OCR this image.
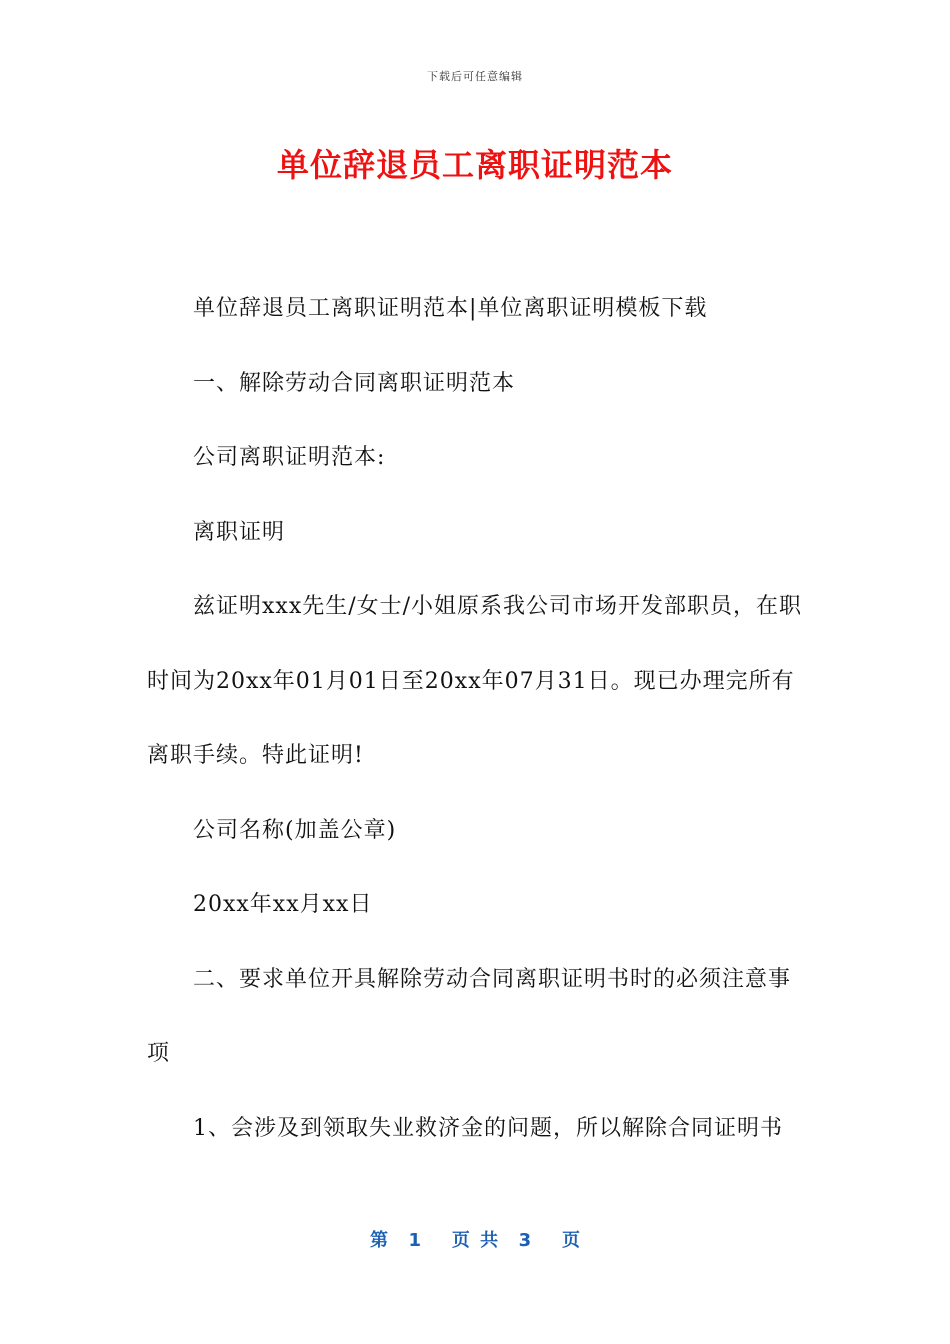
下载后可任意编辑
单位辞退员工离职证明范本

单位辞退员工离职证明范本|单位离职证明模板下载

一、解除劳动合同离职证明范本

公司离职证明范本:

离职证明

兹证明xxx先生/女士/小姐原系我公司市场开发部职员，在职时间为20xx年01月01日至20xx年07月31日。现已办理完所有离职手续。特此证明!

公司名称(加盖公章)

20xx年xx月xx日

二、要求单位开具解除劳动合同离职证明书时的必须注意事项

1、会涉及到领取失业救济金的问题，所以解除合同证明书

第  1   页 共  3   页
